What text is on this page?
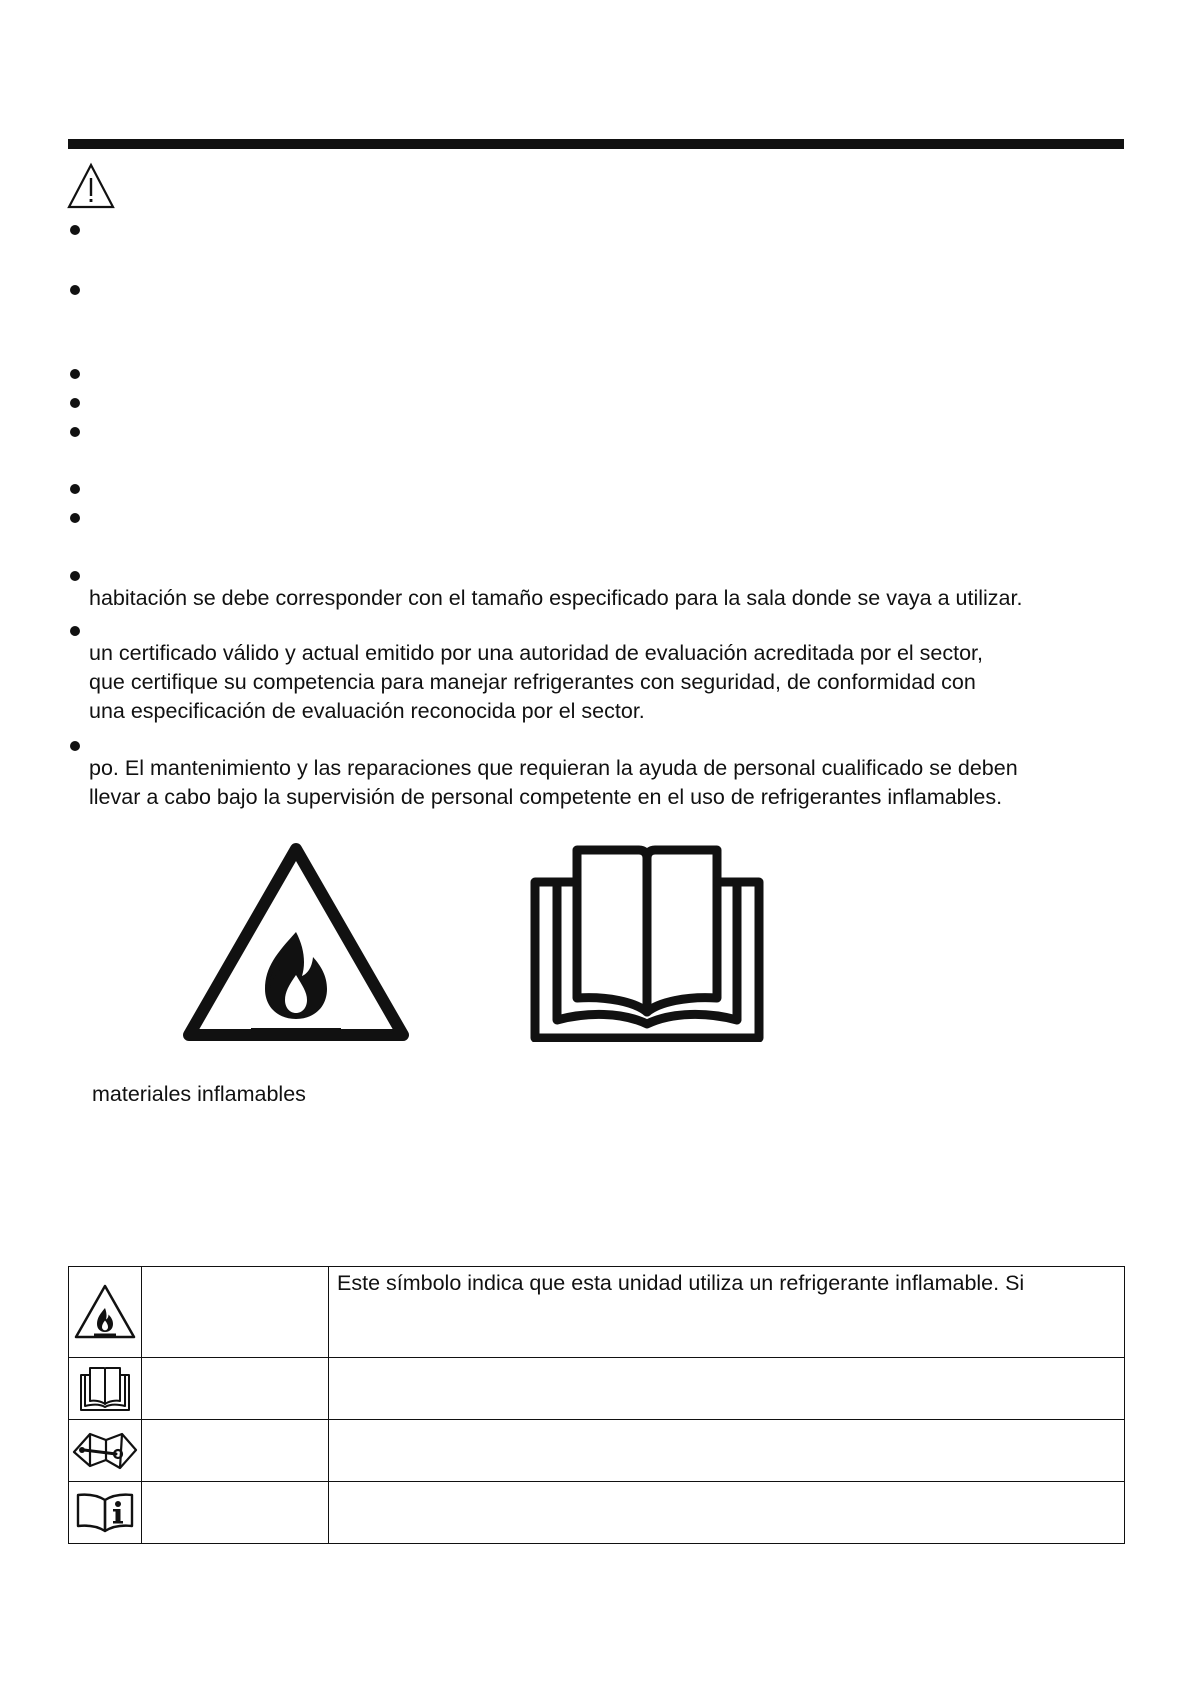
habitación se debe corresponder con el tamaño especificado para la sala donde se vaya a utilizar.
un certificado válido y actual emitido por una autoridad de evaluación acreditada por el sector,
que certifique su competencia para manejar refrigerantes con seguridad, de conformidad con
una especificación de evaluación reconocida por el sector.
po. El mantenimiento y las reparaciones que requieran la ayuda de personal cualificado se deben
llevar a cabo bajo la supervisión de personal competente en el uso de refrigerantes inflamables.
materiales inflamables
		Este símbolo indica que esta unidad utiliza un refrigerante inflamable. Si
